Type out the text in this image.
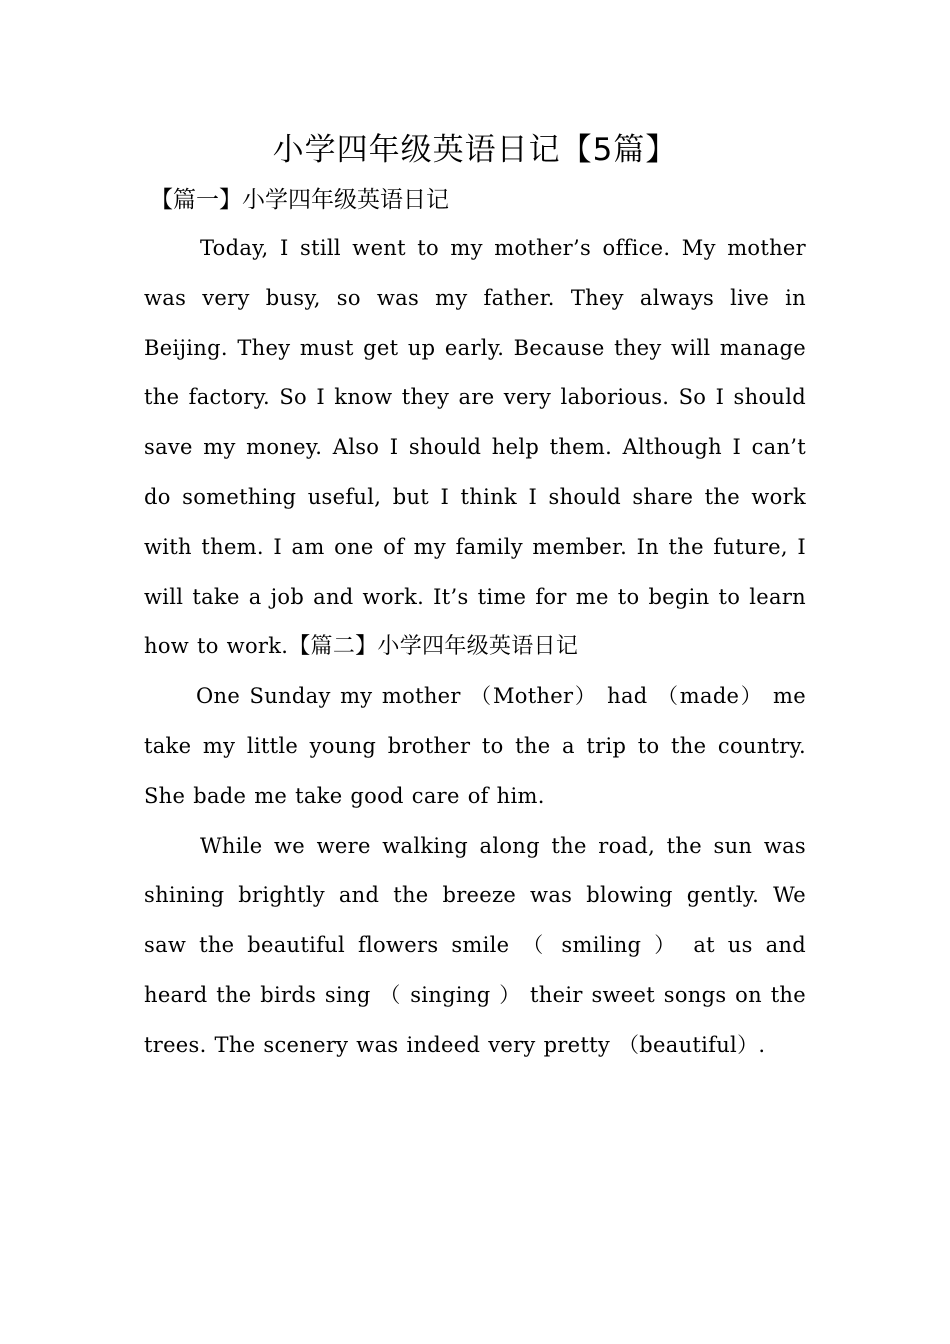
小学四年级英语日记【5篇】
【篇一】小学四年级英语日记

Today, I still went to my mother’s office. My mother was very busy, so was my father. They always live in Beijing. They must get up early. Because they will manage the factory. So I know they are very laborious. So I should save my money. Also I should help them. Although I can’t do something useful, but I think I should share the work with them. I am one of my family member. In the future, I will take a job and work. It’s time for me to begin to learn how to work.【篇二】小学四年级英语日记

One Sunday my mother （Mother） had （made） me take my little young brother to the a trip to the country. She bade me take good care of him.

While we were walking along the road, the sun was shining brightly and the breeze was blowing gently. We saw the beautiful flowers smile （ smiling ） at us and heard the birds sing （ singing ） their sweet songs on the trees. The scenery was indeed very pretty （beautiful）.
